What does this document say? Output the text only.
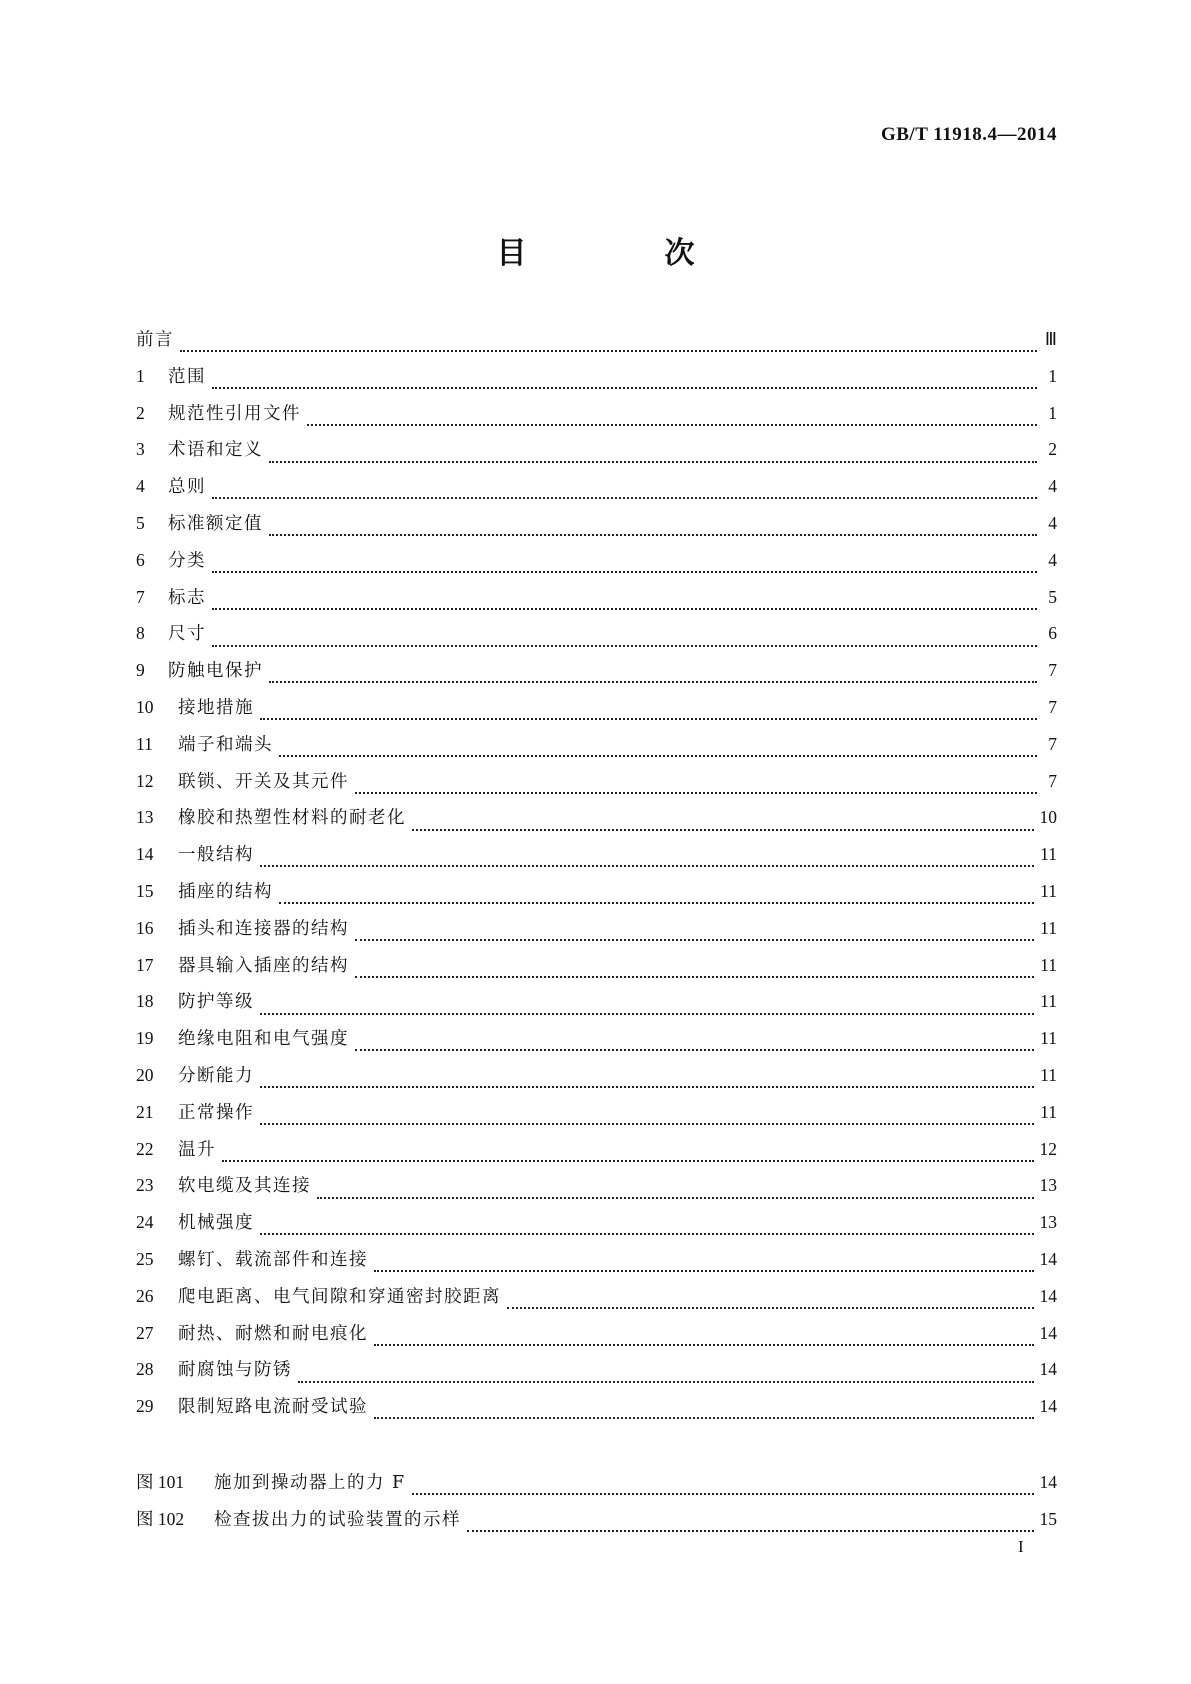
GB/T 11918.4—2014
目　次
前言	Ⅲ
1	范围	1
2	规范性引用文件	1
3	术语和定义	2
4	总则	4
5	标准额定值	4
6	分类	4
7	标志	5
8	尺寸	6
9	防触电保护	7
10	接地措施	7
11	端子和端头	7
12	联锁、开关及其元件	7
13	橡胶和热塑性材料的耐老化	10
14	一般结构	11
15	插座的结构	11
16	插头和连接器的结构	11
17	器具输入插座的结构	11
18	防护等级	11
19	绝缘电阻和电气强度	11
20	分断能力	11
21	正常操作	11
22	温升	12
23	软电缆及其连接	13
24	机械强度	13
25	螺钉、载流部件和连接	14
26	爬电距离、电气间隙和穿通密封胶距离	14
27	耐热、耐燃和耐电痕化	14
28	耐腐蚀与防锈	14
29	限制短路电流耐受试验	14
图 101	施加到操动器上的力 F	14
图 102	检查拔出力的试验装置的示样	15
I
